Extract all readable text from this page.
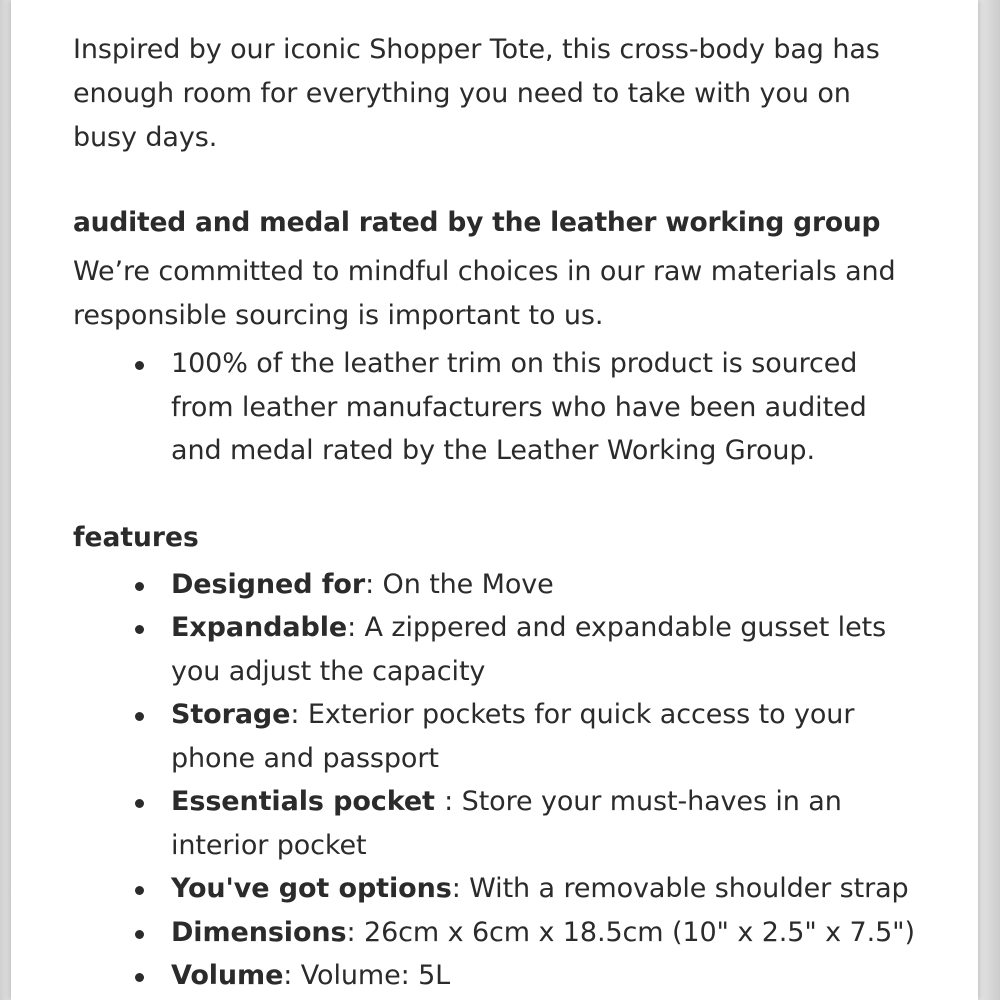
Inspired by our iconic Shopper Tote, this cross-body bag has enough room for everything you need to take with you on busy days.

audited and medal rated by the leather working group

We’re committed to mindful choices in our raw materials and responsible sourcing is important to us.

100% of the leather trim on this product is sourced from leather manufacturers who have been audited and medal rated by the Leather Working Group.
features
Designed for: On the Move
Expandable: A zippered and expandable gusset lets you adjust the capacity
Storage: Exterior pockets for quick access to your phone and passport
Essentials pocket : Store your must-haves in an interior pocket
You've got options: With a removable shoulder strap
Dimensions: 26cm x 6cm x 18.5cm (10" x 2.5" x 7.5")
Volume: Volume: 5L
